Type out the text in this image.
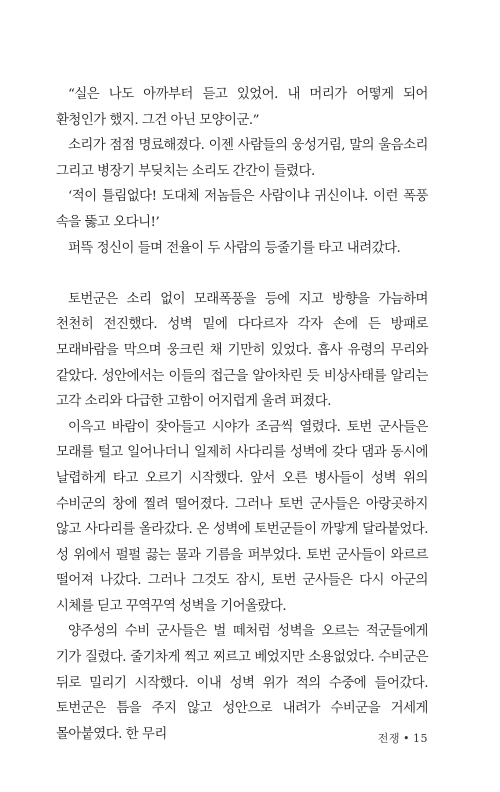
“실은 나도 아까부터 듣고 있었어. 내 머리가 어떻게 되어 환청인가 했지. 그건 아닌 모양이군.”

소리가 점점 명료해졌다. 이젠 사람들의 웅성거림, 말의 울음소리 그리고 병장기 부딪치는 소리도 간간이 들렸다.

‘적이 틀림없다! 도대체 저놈들은 사람이냐 귀신이냐. 이런 폭풍 속을 뚫고 오다니!’

퍼뜩 정신이 들며 전율이 두 사람의 등줄기를 타고 내려갔다.

토번군은 소리 없이 모래폭풍을 등에 지고 방향을 가늠하며 천천히 전진했다. 성벽 밑에 다다르자 각자 손에 든 방패로 모래바람을 막으며 웅크린 채 기만히 있었다. 흡사 유령의 무리와 같았다. 성안에서는 이들의 접근을 알아차린 듯 비상사태를 알리는 고각 소리와 다급한 고함이 어지럽게 울려 퍼졌다.

이윽고 바람이 잦아들고 시야가 조금씩 열렸다. 토번 군사들은 모래를 털고 일어나더니 일제히 사다리를 성벽에 갖다 댐과 동시에 날렵하게 타고 오르기 시작했다. 앞서 오른 병사들이 성벽 위의 수비군의 창에 찔려 떨어졌다. 그러나 토번 군사들은 아랑곳하지 않고 사다리를 올라갔다. 온 성벽에 토번군들이 까맣게 달라붙었다. 성 위에서 펄펄 끓는 물과 기름을 퍼부었다. 토번 군사들이 와르르 떨어져 나갔다. 그러나 그것도 잠시, 토번 군사들은 다시 아군의 시체를 딛고 꾸역꾸역 성벽을 기어올랐다.

양주성의 수비 군사들은 벌 떼처럼 성벽을 오르는 적군들에게 기가 질렸다. 줄기차게 찍고 찌르고 베었지만 소용없었다. 수비군은 뒤로 밀리기 시작했다. 이내 성벽 위가 적의 수중에 들어갔다. 토번군은 틈을 주지 않고 성안으로 내려가 수비군을 거세게 몰아붙였다. 한 무리	전쟁 • 15
